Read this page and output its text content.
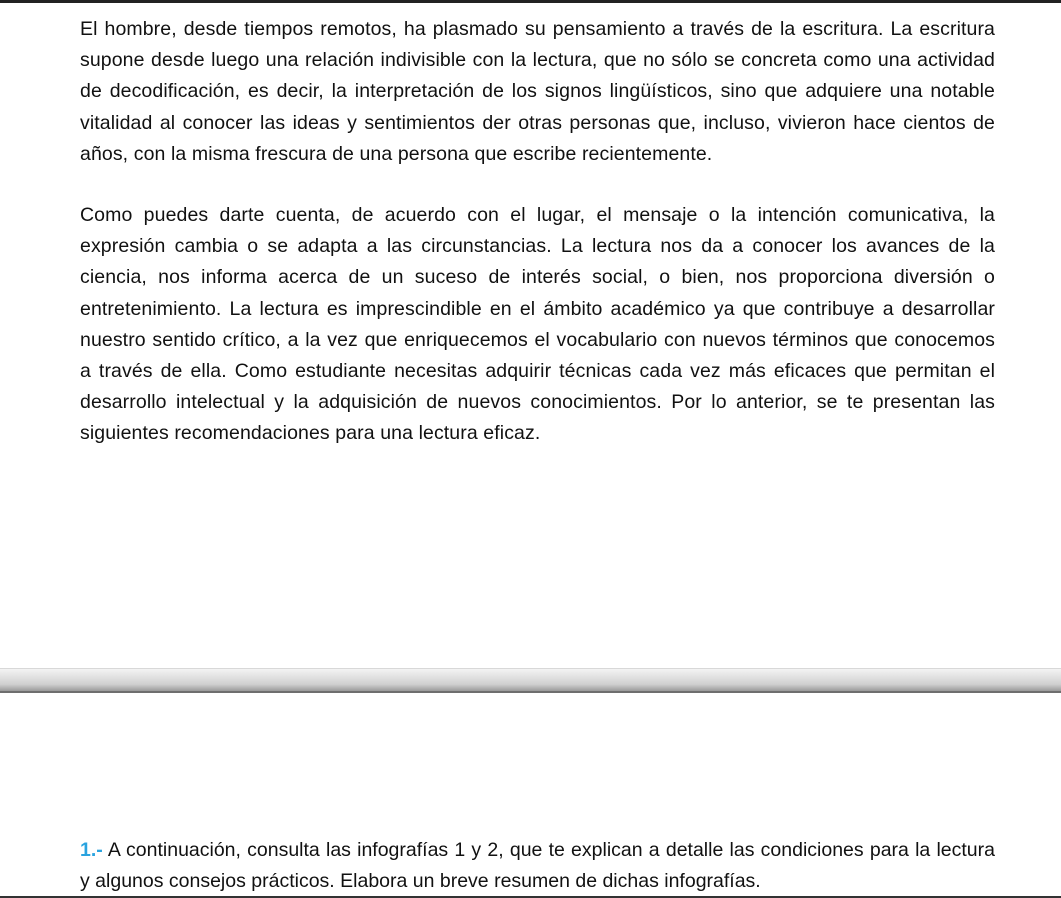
El hombre, desde tiempos remotos, ha plasmado su pensamiento a través de la escritura. La escritura supone desde luego una relación indivisible con la lectura, que no sólo se concreta como una actividad de decodificación, es decir, la interpretación de los signos lingüísticos, sino que adquiere una notable vitalidad al conocer las ideas y sentimientos der otras personas que, incluso, vivieron hace cientos de años, con la misma frescura de una persona que escribe recientemente.

Como puedes darte cuenta, de acuerdo con el lugar, el mensaje o la intención comunicativa, la expresión cambia o se adapta a las circunstancias. La lectura nos da a conocer los avances de la ciencia, nos informa acerca de un suceso de interés social, o bien, nos proporciona diversión o entretenimiento. La lectura es imprescindible en el ámbito académico ya que contribuye a desarrollar nuestro sentido crítico, a la vez que enriquecemos el vocabulario con nuevos términos que conocemos a través de ella. Como estudiante necesitas adquirir técnicas cada vez más eficaces que permitan el desarrollo intelectual y la adquisición de nuevos conocimientos. Por lo anterior, se te presentan las siguientes recomendaciones para una lectura eficaz.

1.- A continuación, consulta las infografías 1 y 2, que te explican a detalle las condiciones para la lectura y algunos consejos prácticos. Elabora un breve resumen de dichas infografías.
